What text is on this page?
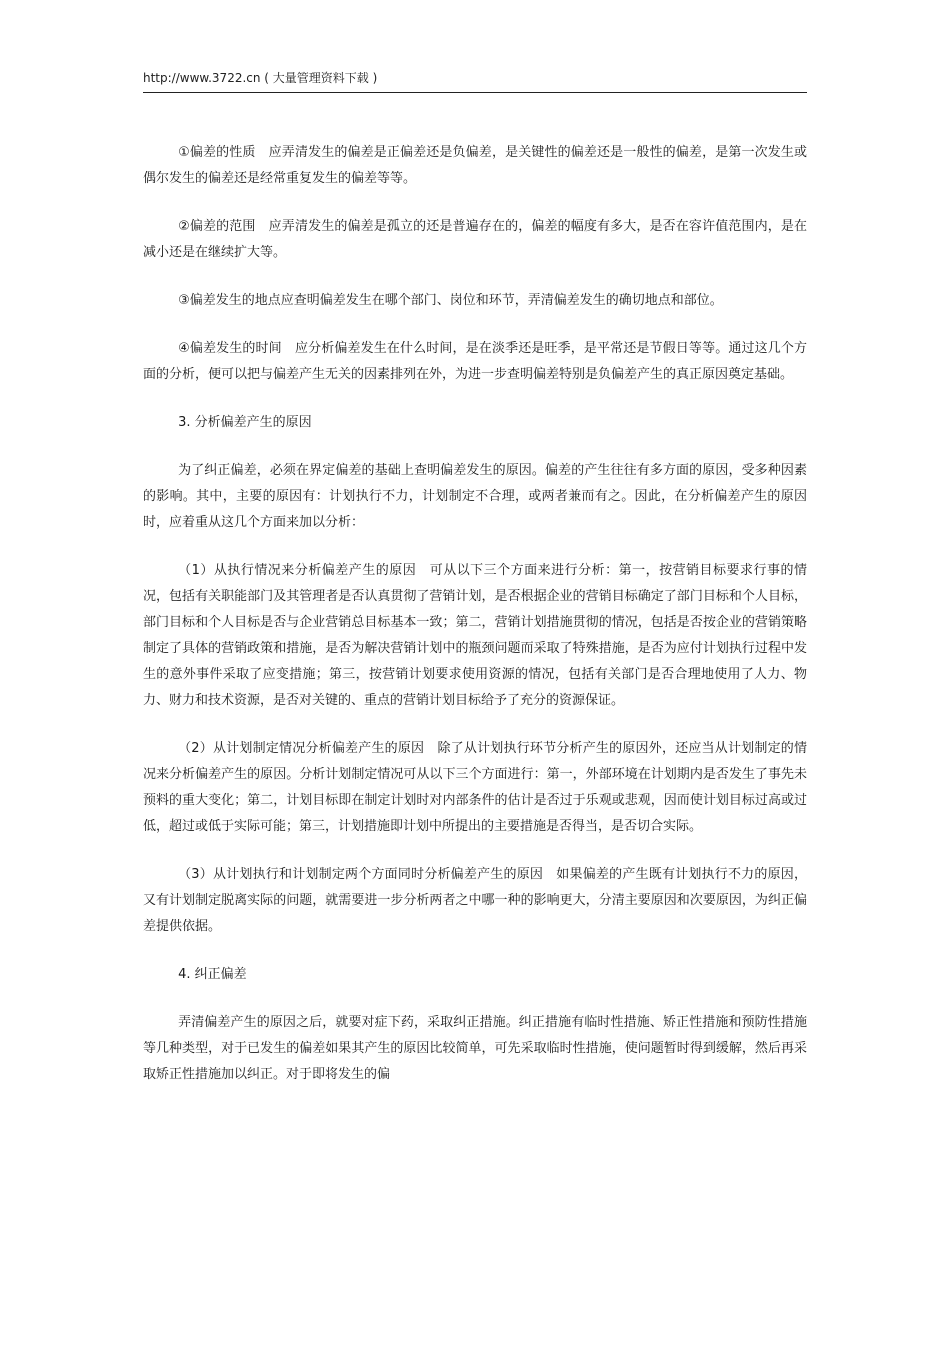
http://www.3722.cn ( 大量管理资料下载 )

①偏差的性质　应弄清发生的偏差是正偏差还是负偏差，是关键性的偏差还是一般性的偏差，是第一次发生或偶尔发生的偏差还是经常重复发生的偏差等等。

②偏差的范围　应弄清发生的偏差是孤立的还是普遍存在的，偏差的幅度有多大，是否在容许值范围内，是在减小还是在继续扩大等。

③偏差发生的地点应查明偏差发生在哪个部门、岗位和环节，弄清偏差发生的确切地点和部位。

④偏差发生的时间　应分析偏差发生在什么时间，是在淡季还是旺季，是平常还是节假日等等。通过这几个方面的分析，便可以把与偏差产生无关的因素排列在外，为进一步查明偏差特别是负偏差产生的真正原因奠定基础。

3. 分析偏差产生的原因

为了纠正偏差，必须在界定偏差的基础上查明偏差发生的原因。偏差的产生往往有多方面的原因，受多种因素的影响。其中，主要的原因有：计划执行不力，计划制定不合理，或两者兼而有之。因此，在分析偏差产生的原因时，应着重从这几个方面来加以分析：

（1）从执行情况来分析偏差产生的原因　可从以下三个方面来进行分析：第一，按营销目标要求行事的情况，包括有关职能部门及其管理者是否认真贯彻了营销计划，是否根据企业的营销目标确定了部门目标和个人目标，部门目标和个人目标是否与企业营销总目标基本一致；第二，营销计划措施贯彻的情况，包括是否按企业的营销策略制定了具体的营销政策和措施，是否为解决营销计划中的瓶颈问题而采取了特殊措施，是否为应付计划执行过程中发生的意外事件采取了应变措施；第三，按营销计划要求使用资源的情况，包括有关部门是否合理地使用了人力、物力、财力和技术资源，是否对关键的、重点的营销计划目标给予了充分的资源保证。

（2）从计划制定情况分析偏差产生的原因　除了从计划执行环节分析产生的原因外，还应当从计划制定的情况来分析偏差产生的原因。分析计划制定情况可从以下三个方面进行：第一，外部环境在计划期内是否发生了事先未预料的重大变化；第二，计划目标即在制定计划时对内部条件的估计是否过于乐观或悲观，因而使计划目标过高或过低，超过或低于实际可能；第三，计划措施即计划中所提出的主要措施是否得当，是否切合实际。

（3）从计划执行和计划制定两个方面同时分析偏差产生的原因　如果偏差的产生既有计划执行不力的原因，又有计划制定脱离实际的问题，就需要进一步分析两者之中哪一种的影响更大，分清主要原因和次要原因，为纠正偏差提供依据。

4. 纠正偏差

弄清偏差产生的原因之后，就要对症下药，采取纠正措施。纠正措施有临时性措施、矫正性措施和预防性措施等几种类型，对于已发生的偏差如果其产生的原因比较简单，可先采取临时性措施，使问题暂时得到缓解，然后再采取矫正性措施加以纠正。对于即将发生的偏
